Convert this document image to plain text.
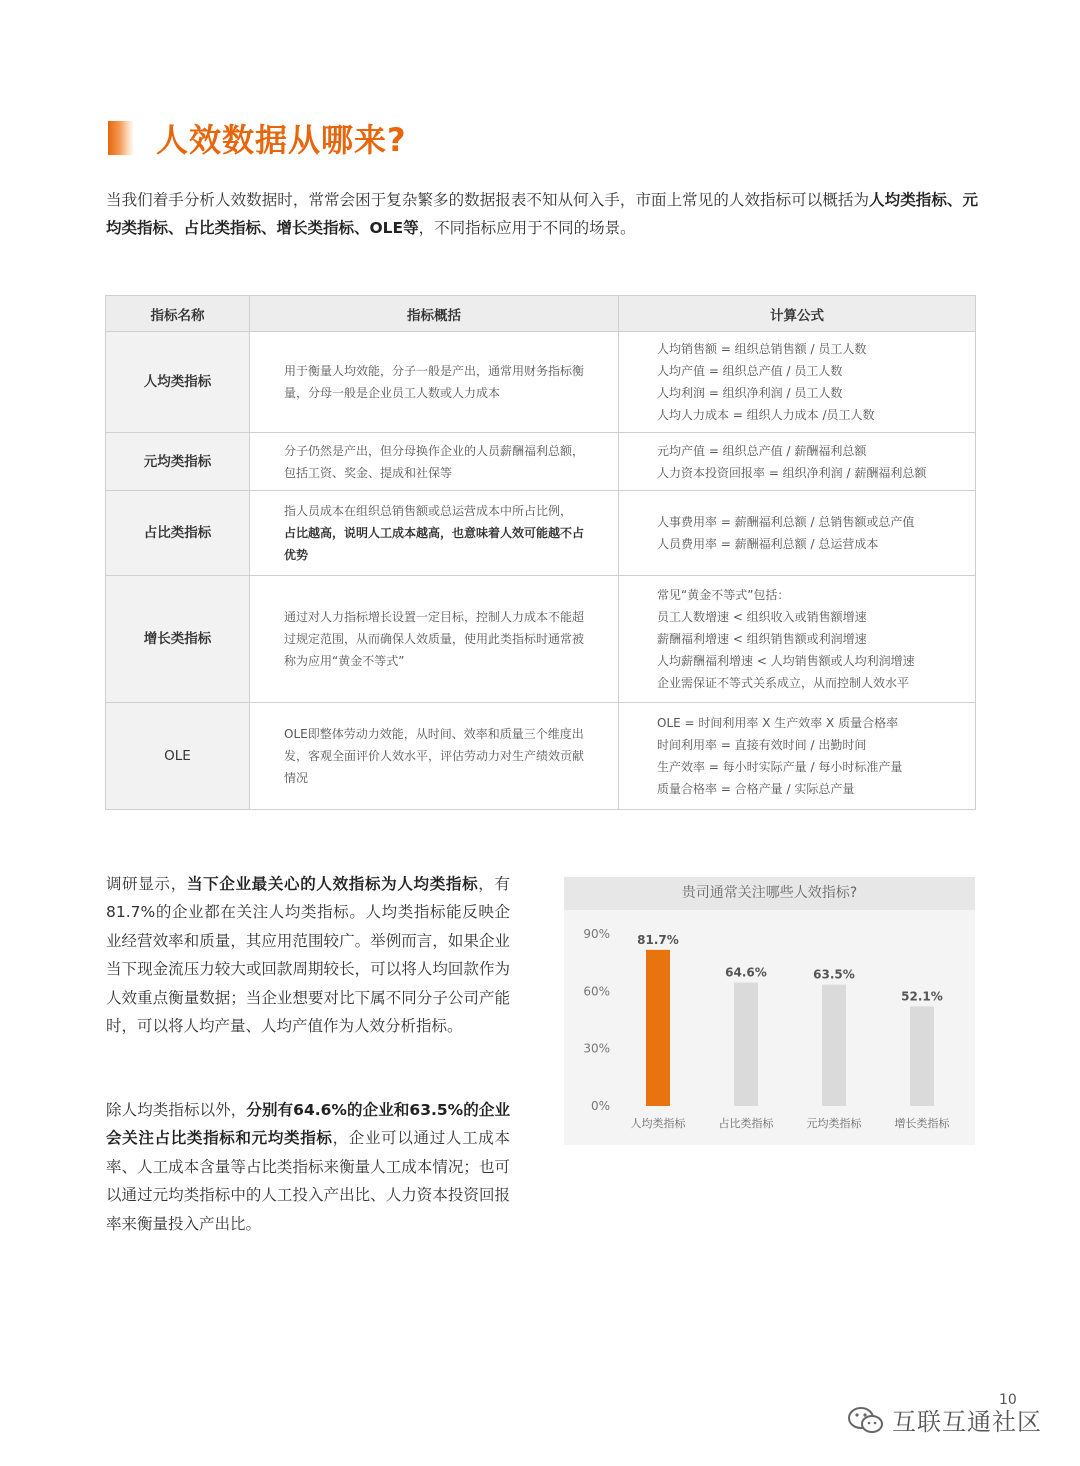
人效数据从哪来?
当我们着手分析人效数据时，常常会困于复杂繁多的数据报表不知从何入手，市面上常见的人效指标可以概括为人均类指标、元均类指标、占比类指标、增长类指标、OLE等，不同指标应用于不同的场景。
指标名称	指标概括	计算公式
人均类指标	用于衡量人均效能，分子一般是产出，通常用财务指标衡量，分母一般是企业员工人数或人力成本	人均销售额 = 组织总销售额 / 员工人数
人均产值 = 组织总产值 / 员工人数
人均利润 = 组织净利润 / 员工人数
人均人力成本 = 组织人力成本 /员工人数

元均类指标	分子仍然是产出，但分母换作企业的人员薪酬福利总额，包括工资、奖金、提成和社保等	元均产值 = 组织总产值 / 薪酬福利总额
人力资本投资回报率 = 组织净利润 / 薪酬福利总额

占比类指标	指人员成本在组织总销售额或总运营成本中所占比例，占比越高，说明人工成本越高，也意味着人效可能越不占优势	人事费用率 = 薪酬福利总额 / 总销售额或总产值
人员费用率 = 薪酬福利总额 / 总运营成本

增长类指标	通过对人力指标增长设置一定目标，控制人力成本不能超过规定范围，从而确保人效质量，使用此类指标时通常被称为应用“黄金不等式”	常见“黄金不等式”包括：
员工人数增速 < 组织收入或销售额增速
薪酬福利增速 < 组织销售额或利润增速
人均薪酬福利增速 < 人均销售额或人均利润增速
企业需保证不等式关系成立，从而控制人效水平

OLE	OLE即整体劳动力效能，从时间、效率和质量三个维度出发，客观全面评价人效水平，评估劳动力对生产绩效贡献情况	OLE = 时间利用率 X 生产效率 X 质量合格率
时间利用率 = 直接有效时间 / 出勤时间
生产效率 = 每小时实际产量 / 每小时标准产量
质量合格率 = 合格产量 / 实际总产量
调研显示，当下企业最关心的人效指标为人均类指标，有81.7%的企业都在关注人均类指标。人均类指标能反映企业经营效率和质量，其应用范围较广。举例而言，如果企业当下现金流压力较大或回款周期较长，可以将人均回款作为人效重点衡量数据；当企业想要对比下属不同分子公司产能时，可以将人均产量、人均产值作为人效分析指标。
除人均类指标以外，分别有64.6%的企业和63.5%的企业会关注占比类指标和元均类指标，企业可以通过人工成本率、人工成本含量等占比类指标来衡量人工成本情况；也可以通过元均类指标中的人工投入产出比、人力资本投资回报率来衡量投入产出比。
贵司通常关注哪些人效指标?
90%
60%
30%
0%
81.7%
人均类指标
64.6%
占比类指标
63.5%
元均类指标
52.1%
增长类指标
10
互联互通社区
